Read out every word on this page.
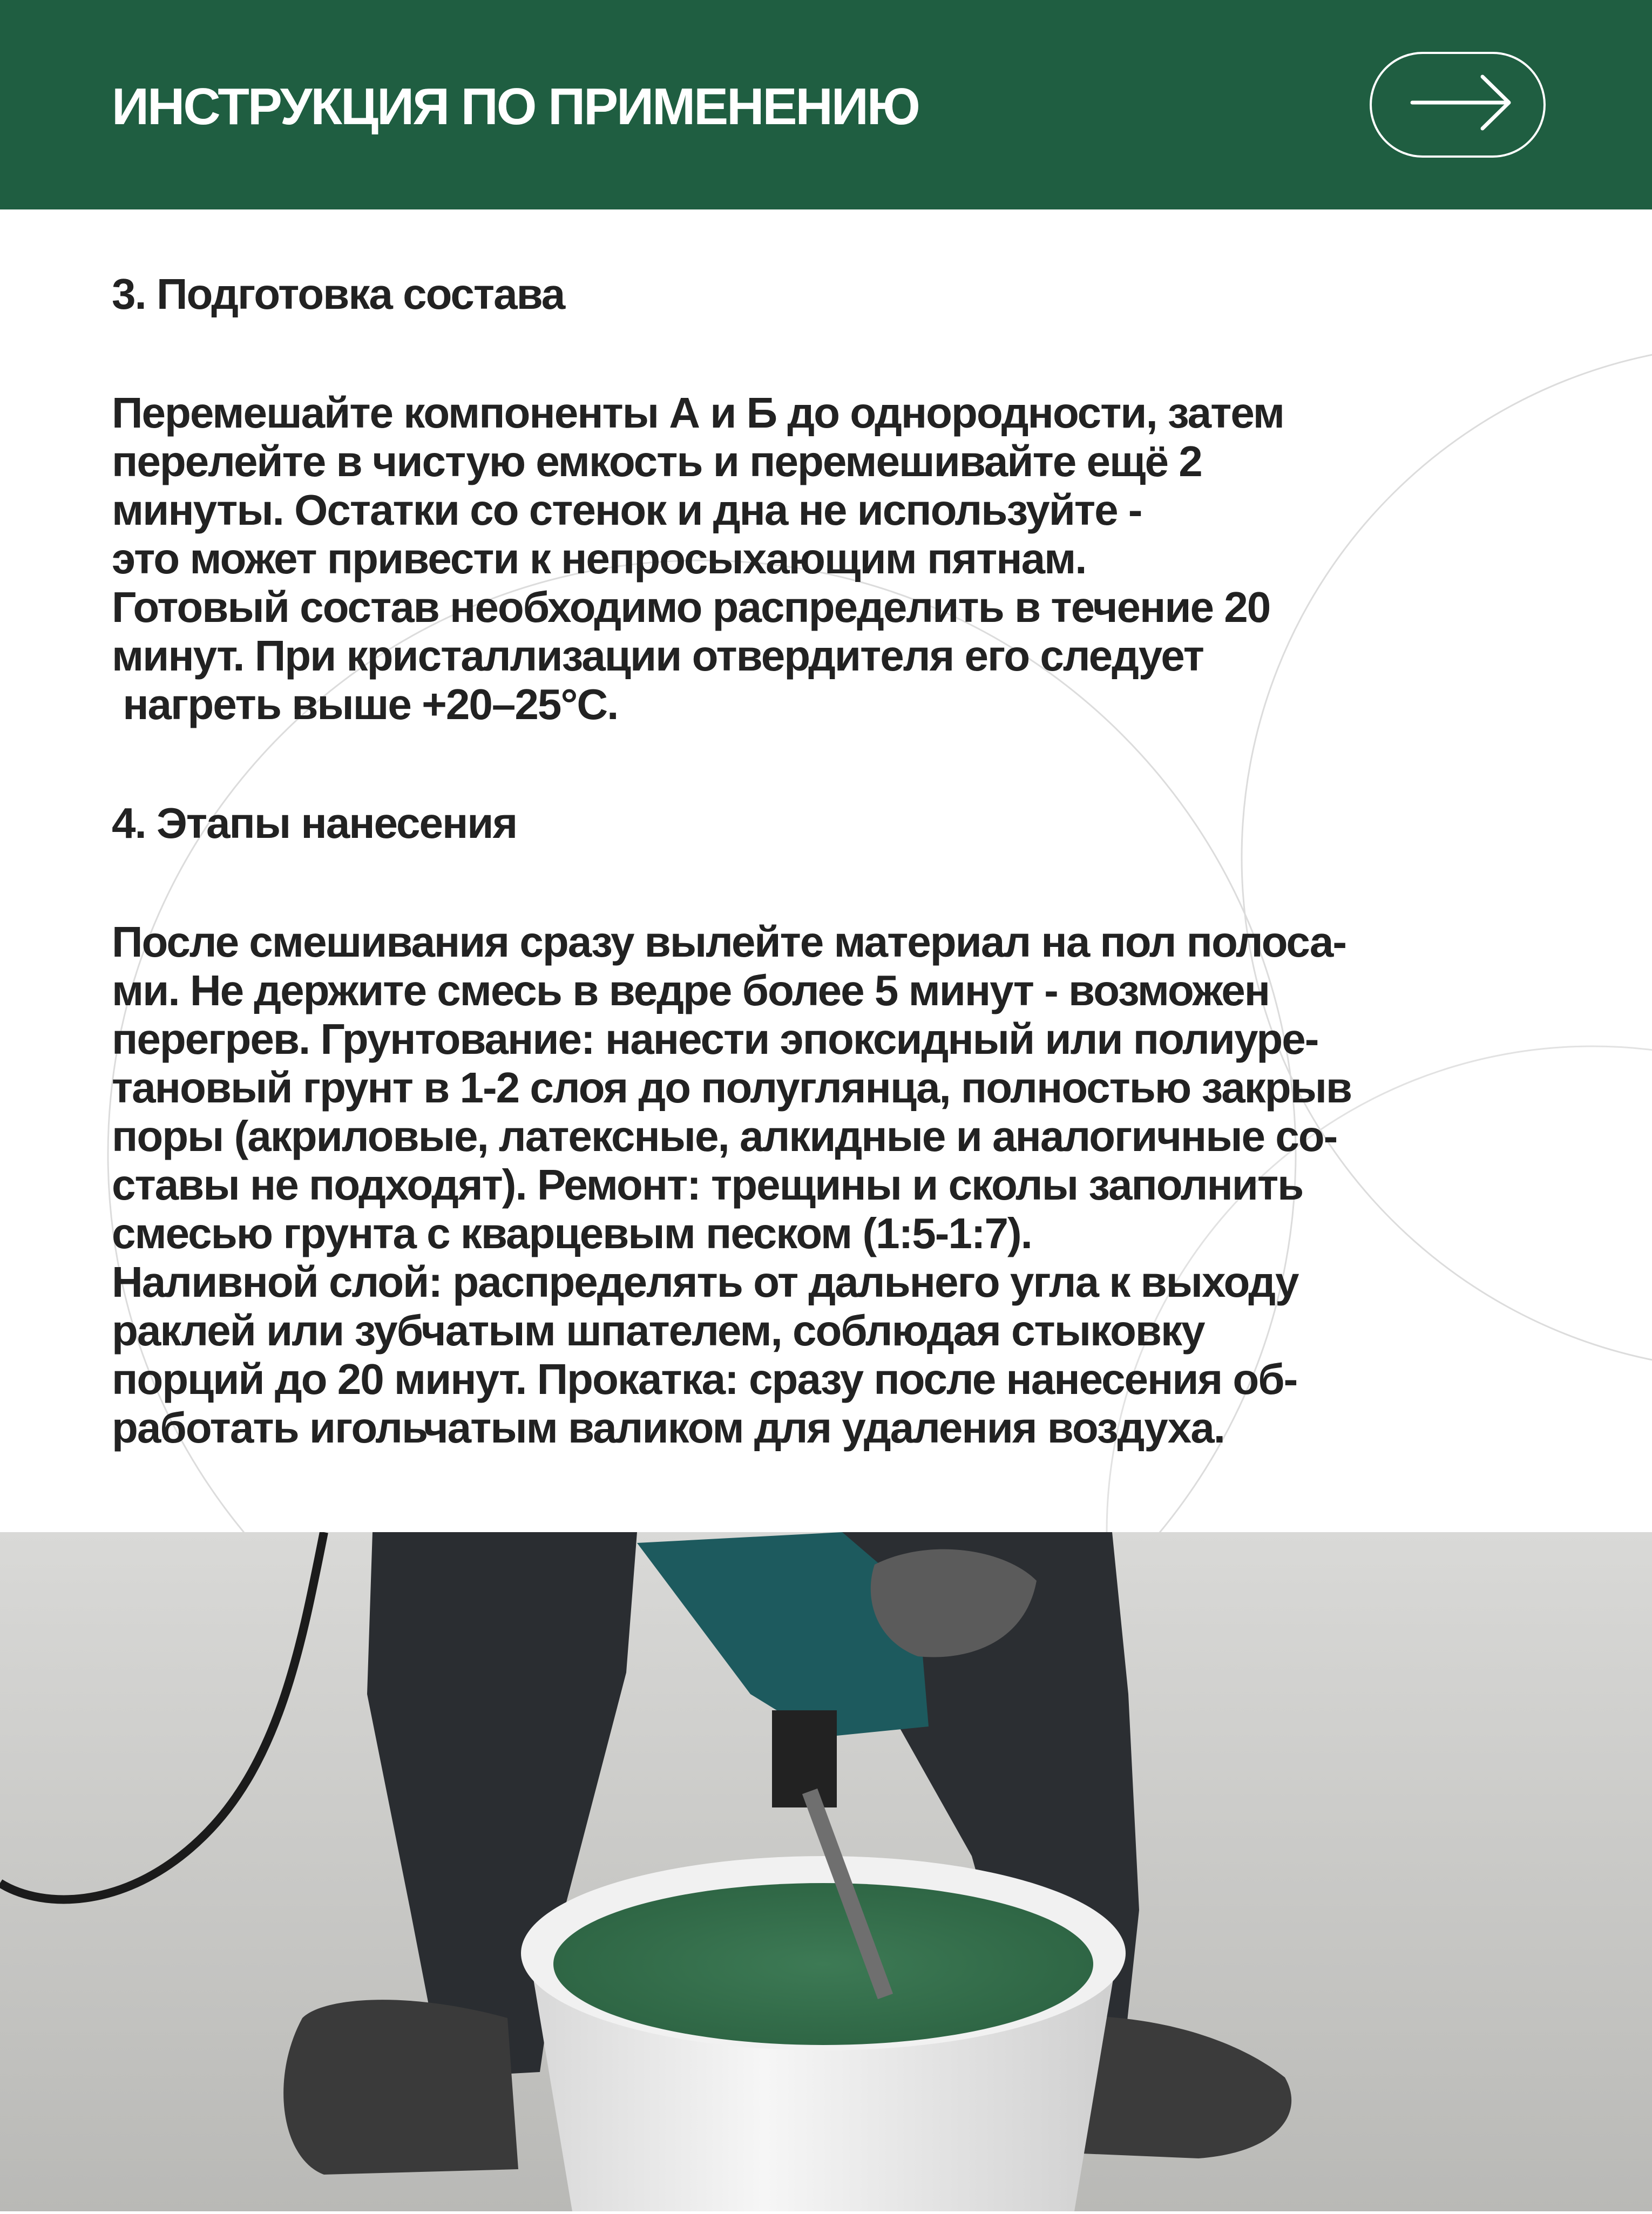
ИНСТРУКЦИЯ ПО ПРИМЕНЕНИЮ
3. Подготовка состава

Перемешайте компоненты А и Б до однородности, затем
перелейте в чистую емкость и перемешивайте ещё 2
минуты. Остатки со стенок и дна не используйте -
это может привести к непросыхающим пятнам.
Готовый состав необходимо распределить в течение 20
минут. При кристаллизации отвердителя его следует
нагреть выше +20–25°С.

4. Этапы нанесения

После смешивания сразу вылейте материал на пол полоса-
ми. Не держите смесь в ведре более 5 минут - возможен
перегрев. Грунтование: нанести эпоксидный или полиуре-
тановый грунт в 1-2 слоя до полуглянца, полностью закрыв
поры (акриловые, латексные, алкидные и аналогичные со-
ставы не подходят). Ремонт: трещины и сколы заполнить
смесью грунта с кварцевым песком (1:5-1:7).
Наливной слой: распределять от дальнего угла к выходу
раклей или зубчатым шпателем, соблюдая стыковку
порций до 20 минут. Прокатка: сразу после нанесения об-
работать игольчатым валиком для удаления воздуха.
